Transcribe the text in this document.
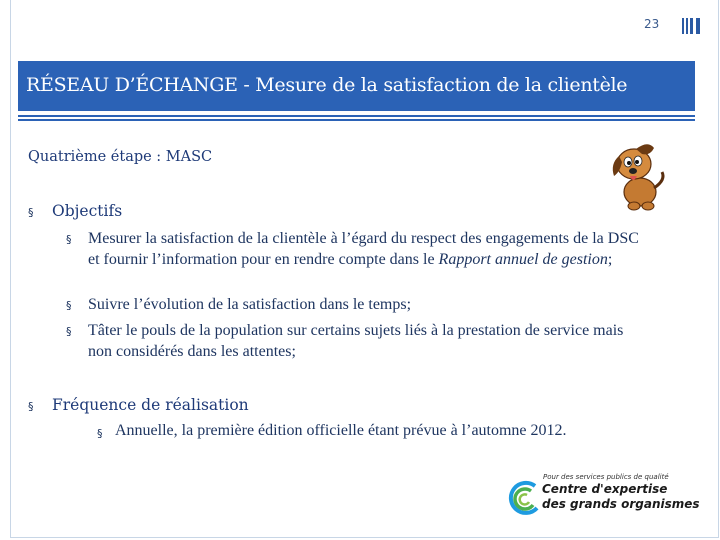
23
RÉSEAU D’ÉCHANGE - Mesure de la satisfaction de la clientèle
Quatrième étape : MASC
§ Objectifs
§ Mesurer la satisfaction de la clientèle à l’égard du respect des engagements de la DSC et fournir l’information pour en rendre compte dans le Rapport annuel de gestion;
§ Suivre l’évolution de la satisfaction dans le temps;
§ Tâter le pouls de la population sur certains sujets liés à la prestation de service mais non considérés dans les attentes;
§ Fréquence de réalisation
§ Annuelle, la première édition officielle étant prévue à l’automne 2012.
Pour des services publics de qualité
Centre d'expertise
des grands organismes
